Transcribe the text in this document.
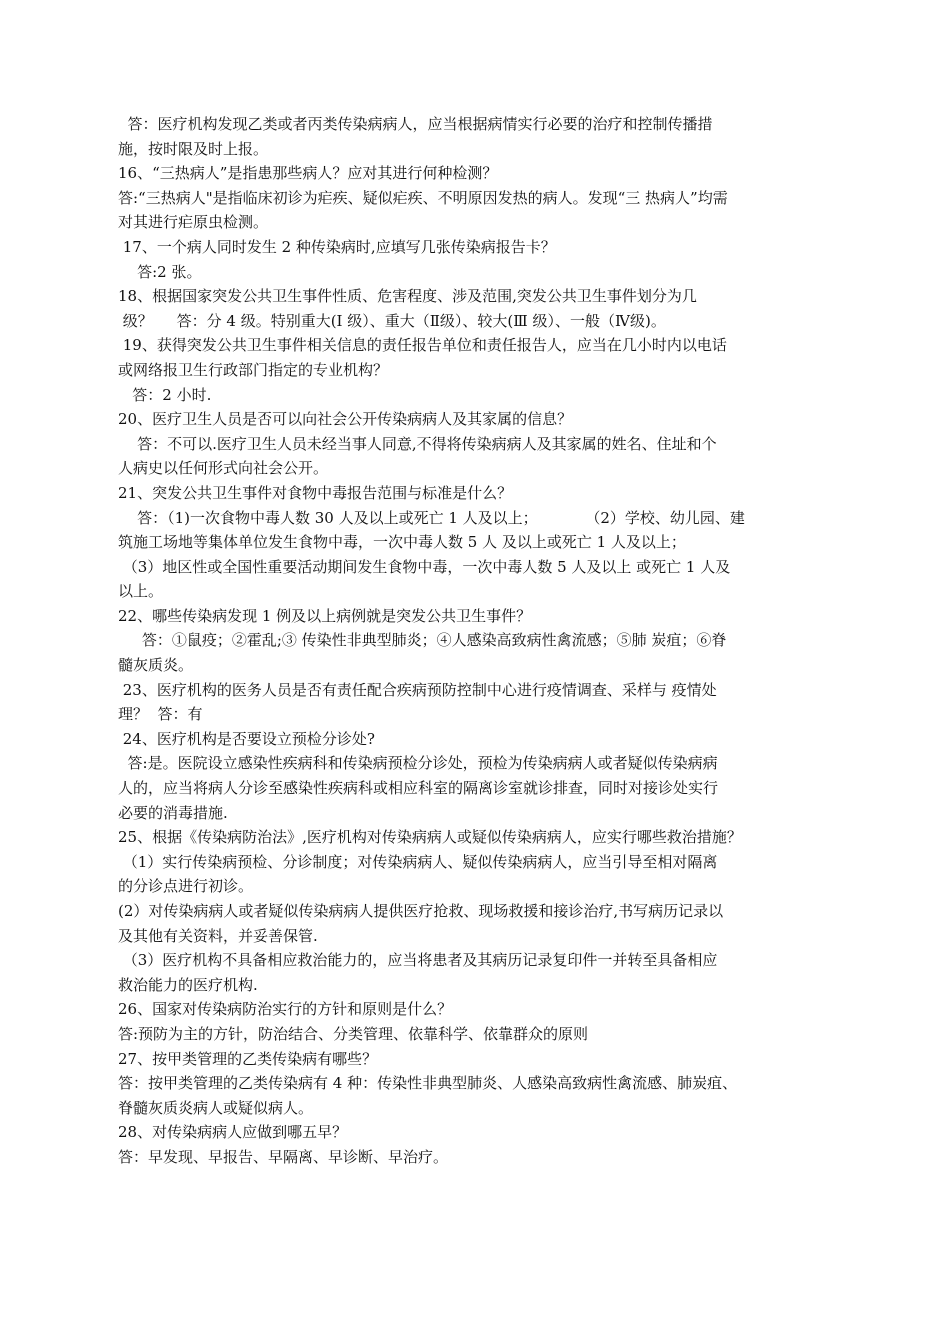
答：医疗机构发现乙类或者丙类传染病病人，应当根据病情实行必要的治疗和控制传播措
施，按时限及时上报。
16、“三热病人”是指患那些病人？应对其进行何种检测？
答:“三热病人"是指临床初诊为疟疾、疑似疟疾、不明原因发热的病人。发现“三 热病人”均需
对其进行疟原虫检测。
17、一个病人同时发生 2 种传染病时,应填写几张传染病报告卡？
答:2 张。
18、根据国家突发公共卫生事件性质、危害程度、涉及范围,突发公共卫生事件划分为几
级？     答：分 4 级。特别重大(I 级）、重大（Ⅱ级）、较大(Ⅲ 级）、一般（Ⅳ级)。
19、获得突发公共卫生事件相关信息的责任报告单位和责任报告人，应当在几小时内以电话
或网络报卫生行政部门指定的专业机构？
答：2 小时.
20、医疗卫生人员是否可以向社会公开传染病病人及其家属的信息？
答：不可以.医疗卫生人员未经当事人同意,不得将传染病病人及其家属的姓名、住址和个
人病史以任何形式向社会公开。
21、突发公共卫生事件对食物中毒报告范围与标准是什么？
答：（1)一次食物中毒人数 30 人及以上或死亡 1 人及以上；          （2）学校、幼儿园、建
筑施工场地等集体单位发生食物中毒，一次中毒人数 5 人 及以上或死亡 1 人及以上；
（3）地区性或全国性重要活动期间发生食物中毒，一次中毒人数 5 人及以上 或死亡 1 人及
以上。
22、哪些传染病发现 1 例及以上病例就是突发公共卫生事件？
答：①鼠疫；②霍乱;③ 传染性非典型肺炎；④人感染高致病性禽流感；⑤肺 炭疽；⑥脊
髓灰质炎。
23、医疗机构的医务人员是否有责任配合疾病预防控制中心进行疫情调查、采样与 疫情处
理？  答：有
24、医疗机构是否要设立预检分诊处?
答:是。医院设立感染性疾病科和传染病预检分诊处，预检为传染病病人或者疑似传染病病
人的，应当将病人分诊至感染性疾病科或相应科室的隔离诊室就诊排查，同时对接诊处实行
必要的消毒措施.
25、根据《传染病防治法》,医疗机构对传染病病人或疑似传染病病人，应实行哪些救治措施？
（1）实行传染病预检、分诊制度；对传染病病人、疑似传染病病人，应当引导至相对隔离
的分诊点进行初诊。
(2）对传染病病人或者疑似传染病病人提供医疗抢救、现场救援和接诊治疗,书写病历记录以
及其他有关资料，并妥善保管.
（3）医疗机构不具备相应救治能力的，应当将患者及其病历记录复印件一并转至具备相应
救治能力的医疗机构.
26、国家对传染病防治实行的方针和原则是什么？
答:预防为主的方针，防治结合、分类管理、依靠科学、依靠群众的原则
27、按甲类管理的乙类传染病有哪些？
答：按甲类管理的乙类传染病有 4 种：传染性非典型肺炎、人感染高致病性禽流感、肺炭疽、
脊髓灰质炎病人或疑似病人。
28、对传染病病人应做到哪五早？
答：早发现、早报告、早隔离、早诊断、早治疗。
